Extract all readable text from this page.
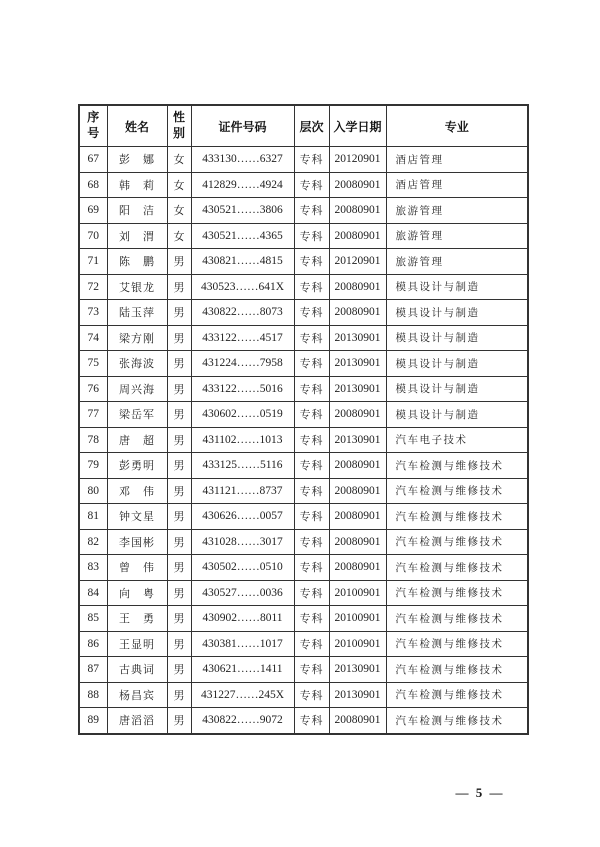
序号	姓名	性别	证件号码	层次	入学日期	专业
67	彭　娜	女	433130……6327	专科	20120901	酒店管理
68	韩　莉	女	412829……4924	专科	20080901	酒店管理
69	阳　洁	女	430521……3806	专科	20080901	旅游管理
70	刘　渭	女	430521……4365	专科	20080901	旅游管理
71	陈　鹏	男	430821……4815	专科	20120901	旅游管理
72	艾银龙	男	430523……641X	专科	20080901	模具设计与制造
73	陆玉萍	男	430822……8073	专科	20080901	模具设计与制造
74	梁方刚	男	433122……4517	专科	20130901	模具设计与制造
75	张海波	男	431224……7958	专科	20130901	模具设计与制造
76	周兴海	男	433122……5016	专科	20130901	模具设计与制造
77	梁岳军	男	430602……0519	专科	20080901	模具设计与制造
78	唐　超	男	431102……1013	专科	20130901	汽车电子技术
79	彭勇明	男	433125……5116	专科	20080901	汽车检测与维修技术
80	邓　伟	男	431121……8737	专科	20080901	汽车检测与维修技术
81	钟文星	男	430626……0057	专科	20080901	汽车检测与维修技术
82	李国彬	男	431028……3017	专科	20080901	汽车检测与维修技术
83	曾　伟	男	430502……0510	专科	20080901	汽车检测与维修技术
84	向　粤	男	430527……0036	专科	20100901	汽车检测与维修技术
85	王　勇	男	430902……8011	专科	20100901	汽车检测与维修技术
86	王显明	男	430381……1017	专科	20100901	汽车检测与维修技术
87	古典词	男	430621……1411	专科	20130901	汽车检测与维修技术
88	杨昌宾	男	431227……245X	专科	20130901	汽车检测与维修技术
89	唐滔滔	男	430822……9072	专科	20080901	汽车检测与维修技术
— 5 —
